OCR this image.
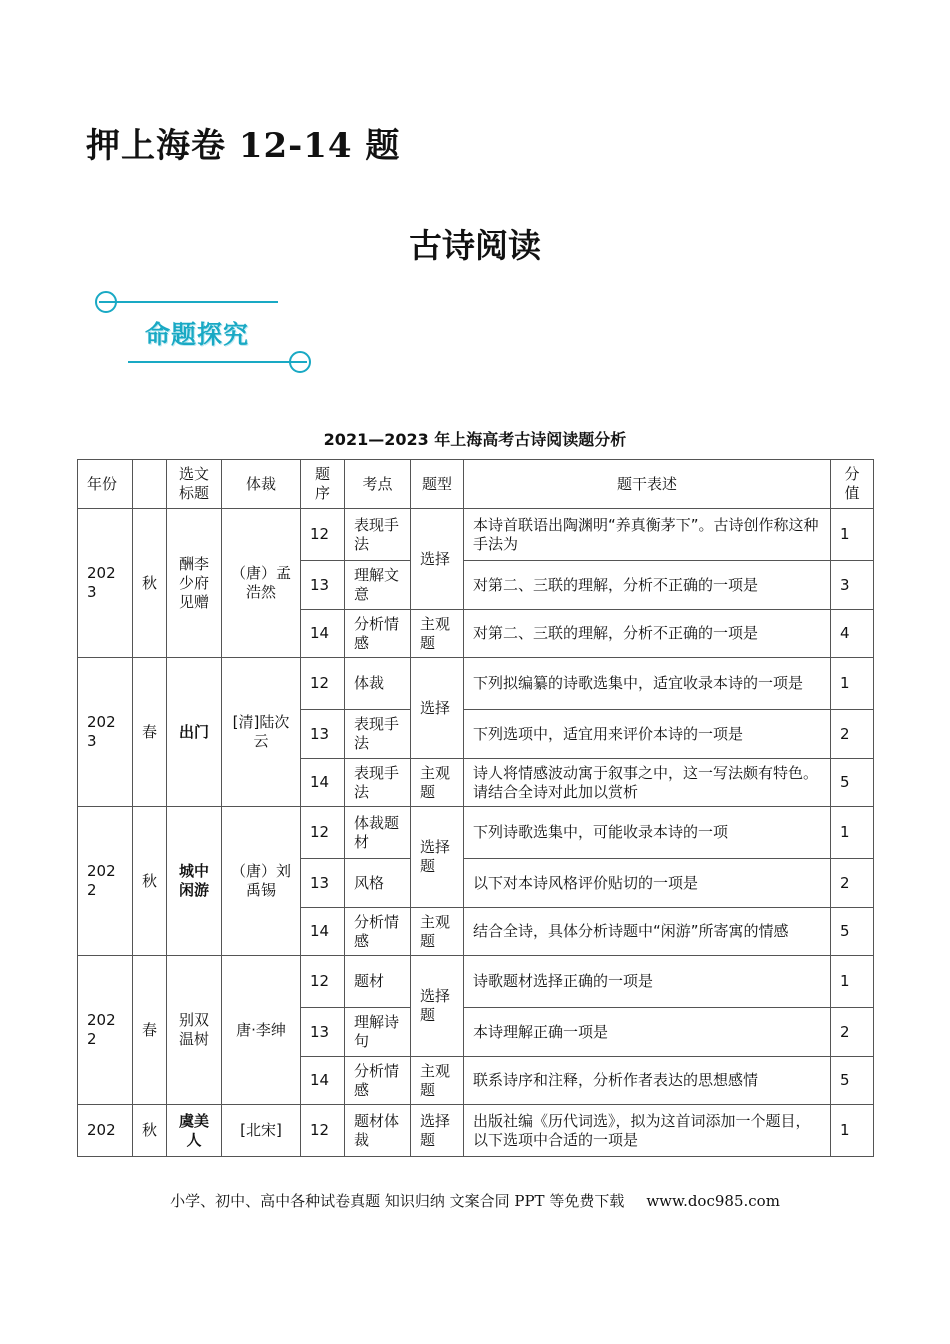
押上海卷 12-14 题
古诗阅读
命题探究
2021—2023 年上海高考古诗阅读题分析
年份		选文标题	体裁	题序	考点	题型	题干表述	分值
2023	秋	酬李少府见赠	（唐）孟浩然	12	表现手法	选择	本诗首联语出陶渊明“养真衡茅下”。古诗创作称这种手法为	1
				13	理解文意		对第二、三联的理解，分析不正确的一项是	3
				14	分析情感	主观题	对第二、三联的理解，分析不正确的一项是	4
2023	春	出门	[清]陆次云	12	体裁	选择	下列拟编纂的诗歌选集中，适宜收录本诗的一项是	1
				13	表现手法		下列选项中，适宜用来评价本诗的一项是	2
				14	表现手法	主观题	诗人将情感波动寓于叙事之中，这一写法颇有特色。请结合全诗对此加以赏析	5
2022	秋	城中闲游	（唐）刘禹锡	12	体裁题材	选择题	下列诗歌选集中，可能收录本诗的一项	1
				13	风格		以下对本诗风格评价贴切的一项是	2
				14	分析情感	主观题	结合全诗，具体分析诗题中“闲游”所寄寓的情感	5
2022	春	别双温树	唐·李绅	12	题材	选择题	诗歌题材选择正确的一项是	1
				13	理解诗句		本诗理解正确一项是	2
				14	分析情感	主观题	联系诗序和注释，分析作者表达的思想感情	5
202	秋	虞美人	[北宋]	12	题材体裁	选择题	出版社编《历代词选》，拟为这首词添加一个题目，以下选项中合适的一项是	1
小学、初中、高中各种试卷真题 知识归纳 文案合同 PPT 等免费下载 www.doc985.com
